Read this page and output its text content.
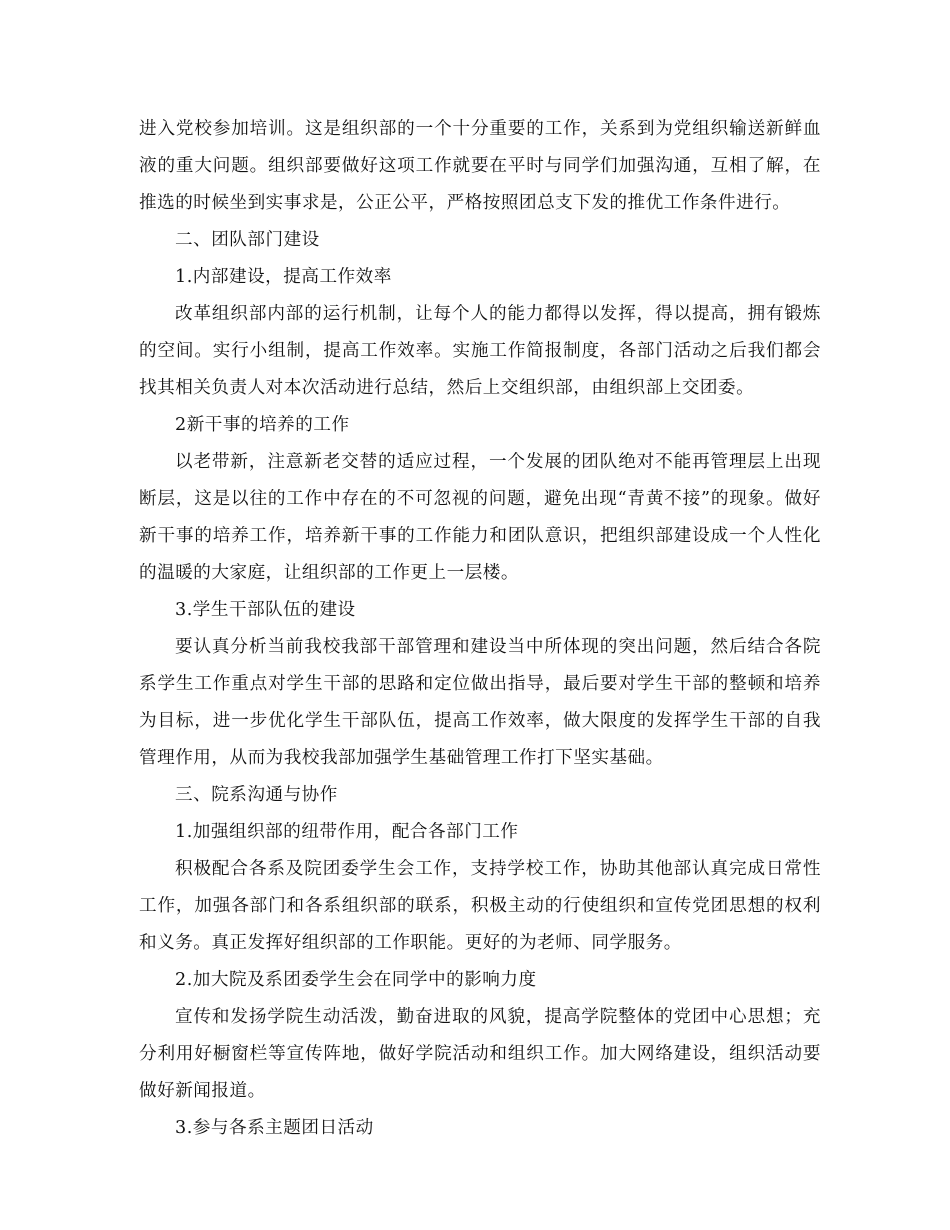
进入党校参加培训。这是组织部的一个十分重要的工作，关系到为党组织输送新鲜血液的重大问题。组织部要做好这项工作就要在平时与同学们加强沟通，互相了解，在推选的时候坐到实事求是，公正公平，严格按照团总支下发的推优工作条件进行。

二、团队部门建设

1.内部建设，提高工作效率

改革组织部内部的运行机制，让每个人的能力都得以发挥，得以提高，拥有锻炼的空间。实行小组制，提高工作效率。实施工作简报制度，各部门活动之后我们都会找其相关负责人对本次活动进行总结，然后上交组织部，由组织部上交团委。

2新干事的培养的工作

以老带新，注意新老交替的适应过程，一个发展的团队绝对不能再管理层上出现断层，这是以往的工作中存在的不可忽视的问题，避免出现“青黄不接”的现象。做好新干事的培养工作，培养新干事的工作能力和团队意识，把组织部建设成一个人性化的温暖的大家庭，让组织部的工作更上一层楼。

3.学生干部队伍的建设

要认真分析当前我校我部干部管理和建设当中所体现的突出问题，然后结合各院系学生工作重点对学生干部的思路和定位做出指导，最后要对学生干部的整顿和培养为目标，进一步优化学生干部队伍，提高工作效率，做大限度的发挥学生干部的自我管理作用，从而为我校我部加强学生基础管理工作打下坚实基础。

三、院系沟通与协作

1.加强组织部的纽带作用，配合各部门工作

积极配合各系及院团委学生会工作，支持学校工作，协助其他部认真完成日常性工作，加强各部门和各系组织部的联系，积极主动的行使组织和宣传党团思想的权利和义务。真正发挥好组织部的工作职能。更好的为老师、同学服务。

2.加大院及系团委学生会在同学中的影响力度

宣传和发扬学院生动活泼，勤奋进取的风貌，提高学院整体的党团中心思想；充分利用好橱窗栏等宣传阵地，做好学院活动和组织工作。加大网络建设，组织活动要做好新闻报道。

3.参与各系主题团日活动
